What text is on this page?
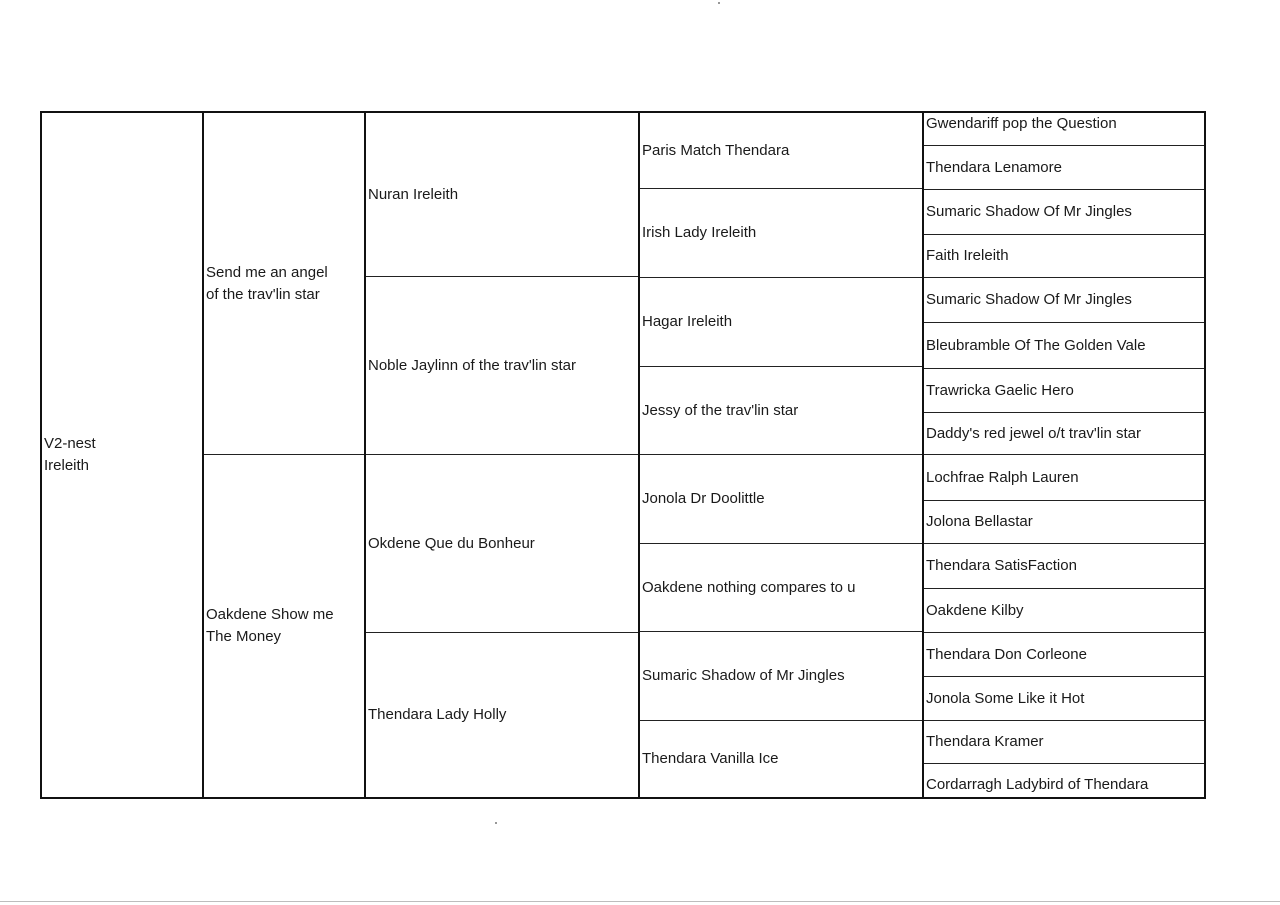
V2-nest
Ireleith
Send me an angel
of the trav'lin star
Oakdene Show me
The Money
Nuran Ireleith
Noble Jaylinn of the trav'lin star
Okdene Que du Bonheur
Thendara Lady Holly
Paris Match Thendara
Irish Lady Ireleith
Hagar Ireleith
Jessy of the trav'lin star
Jonola Dr Doolittle
Oakdene nothing compares to u
Sumaric Shadow of Mr Jingles
Thendara Vanilla Ice
Gwendariff pop the Question
Thendara Lenamore
Sumaric Shadow Of Mr Jingles
Faith Ireleith
Sumaric Shadow Of Mr Jingles
Bleubramble Of The Golden Vale
Trawricka Gaelic Hero
Daddy's red jewel o/t trav'lin star
Lochfrae Ralph Lauren
Jolona Bellastar
Thendara SatisFaction
Oakdene Kilby
Thendara Don Corleone
Jonola Some Like it Hot
Thendara Kramer
Cordarragh Ladybird of Thendara
